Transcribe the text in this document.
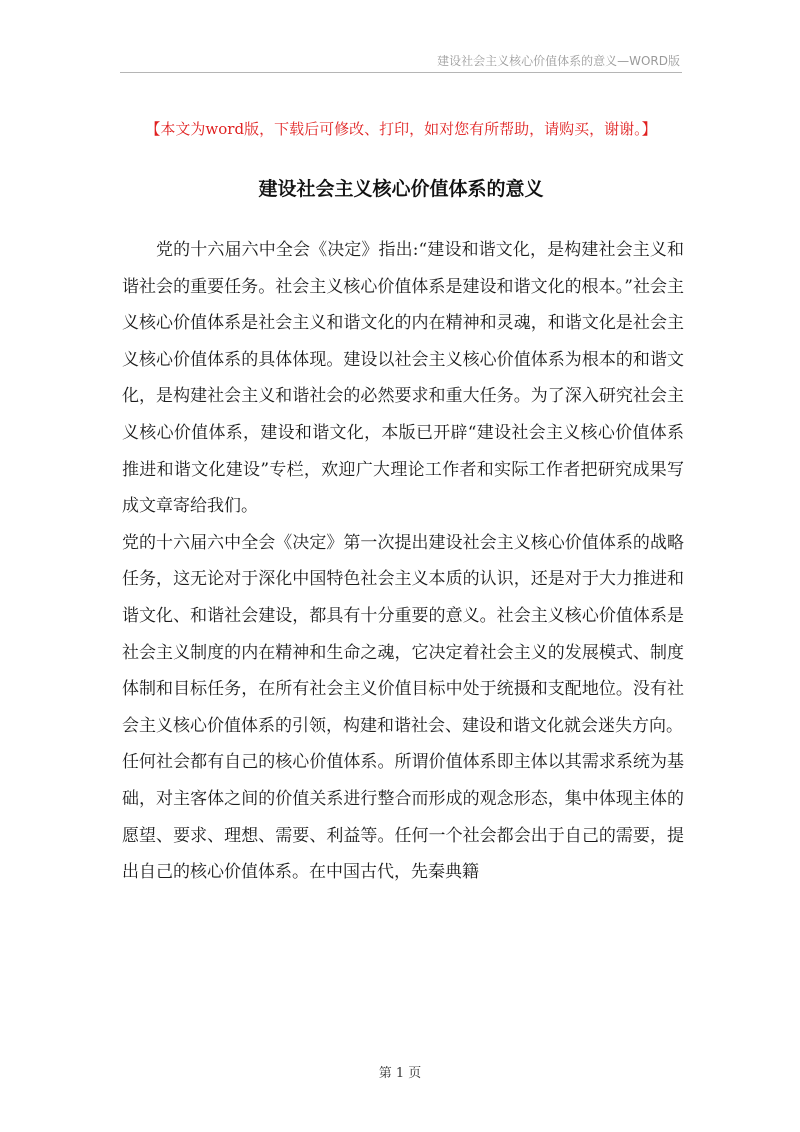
建设社会主义核心价值体系的意义—WORD版
【本文为word版，下载后可修改、打印，如对您有所帮助，请购买，谢谢。】
建设社会主义核心价值体系的意义

党的十六届六中全会《决定》指出:“建设和谐文化，是构建社会主义和谐社会的重要任务。社会主义核心价值体系是建设和谐文化的根本。”社会主义核心价值体系是社会主义和谐文化的内在精神和灵魂，和谐文化是社会主义核心价值体系的具体体现。建设以社会主义核心价值体系为根本的和谐文化，是构建社会主义和谐社会的必然要求和重大任务。为了深入研究社会主义核心价值体系，建设和谐文化，本版已开辟“建设社会主义核心价值体系推进和谐文化建设”专栏，欢迎广大理论工作者和实际工作者把研究成果写成文章寄给我们。

党的十六届六中全会《决定》第一次提出建设社会主义核心价值体系的战略任务，这无论对于深化中国特色社会主义本质的认识，还是对于大力推进和谐文化、和谐社会建设，都具有十分重要的意义。社会主义核心价值体系是社会主义制度的内在精神和生命之魂，它决定着社会主义的发展模式、制度体制和目标任务，在所有社会主义价值目标中处于统摄和支配地位。没有社会主义核心价值体系的引领，构建和谐社会、建设和谐文化就会迷失方向。

任何社会都有自己的核心价值体系。所谓价值体系即主体以其需求系统为基础，对主客体之间的价值关系进行整合而形成的观念形态，集中体现主体的愿望、要求、理想、需要、利益等。任何一个社会都会出于自己的需要，提出自己的核心价值体系。在中国古代，先秦典籍

第 1 页
